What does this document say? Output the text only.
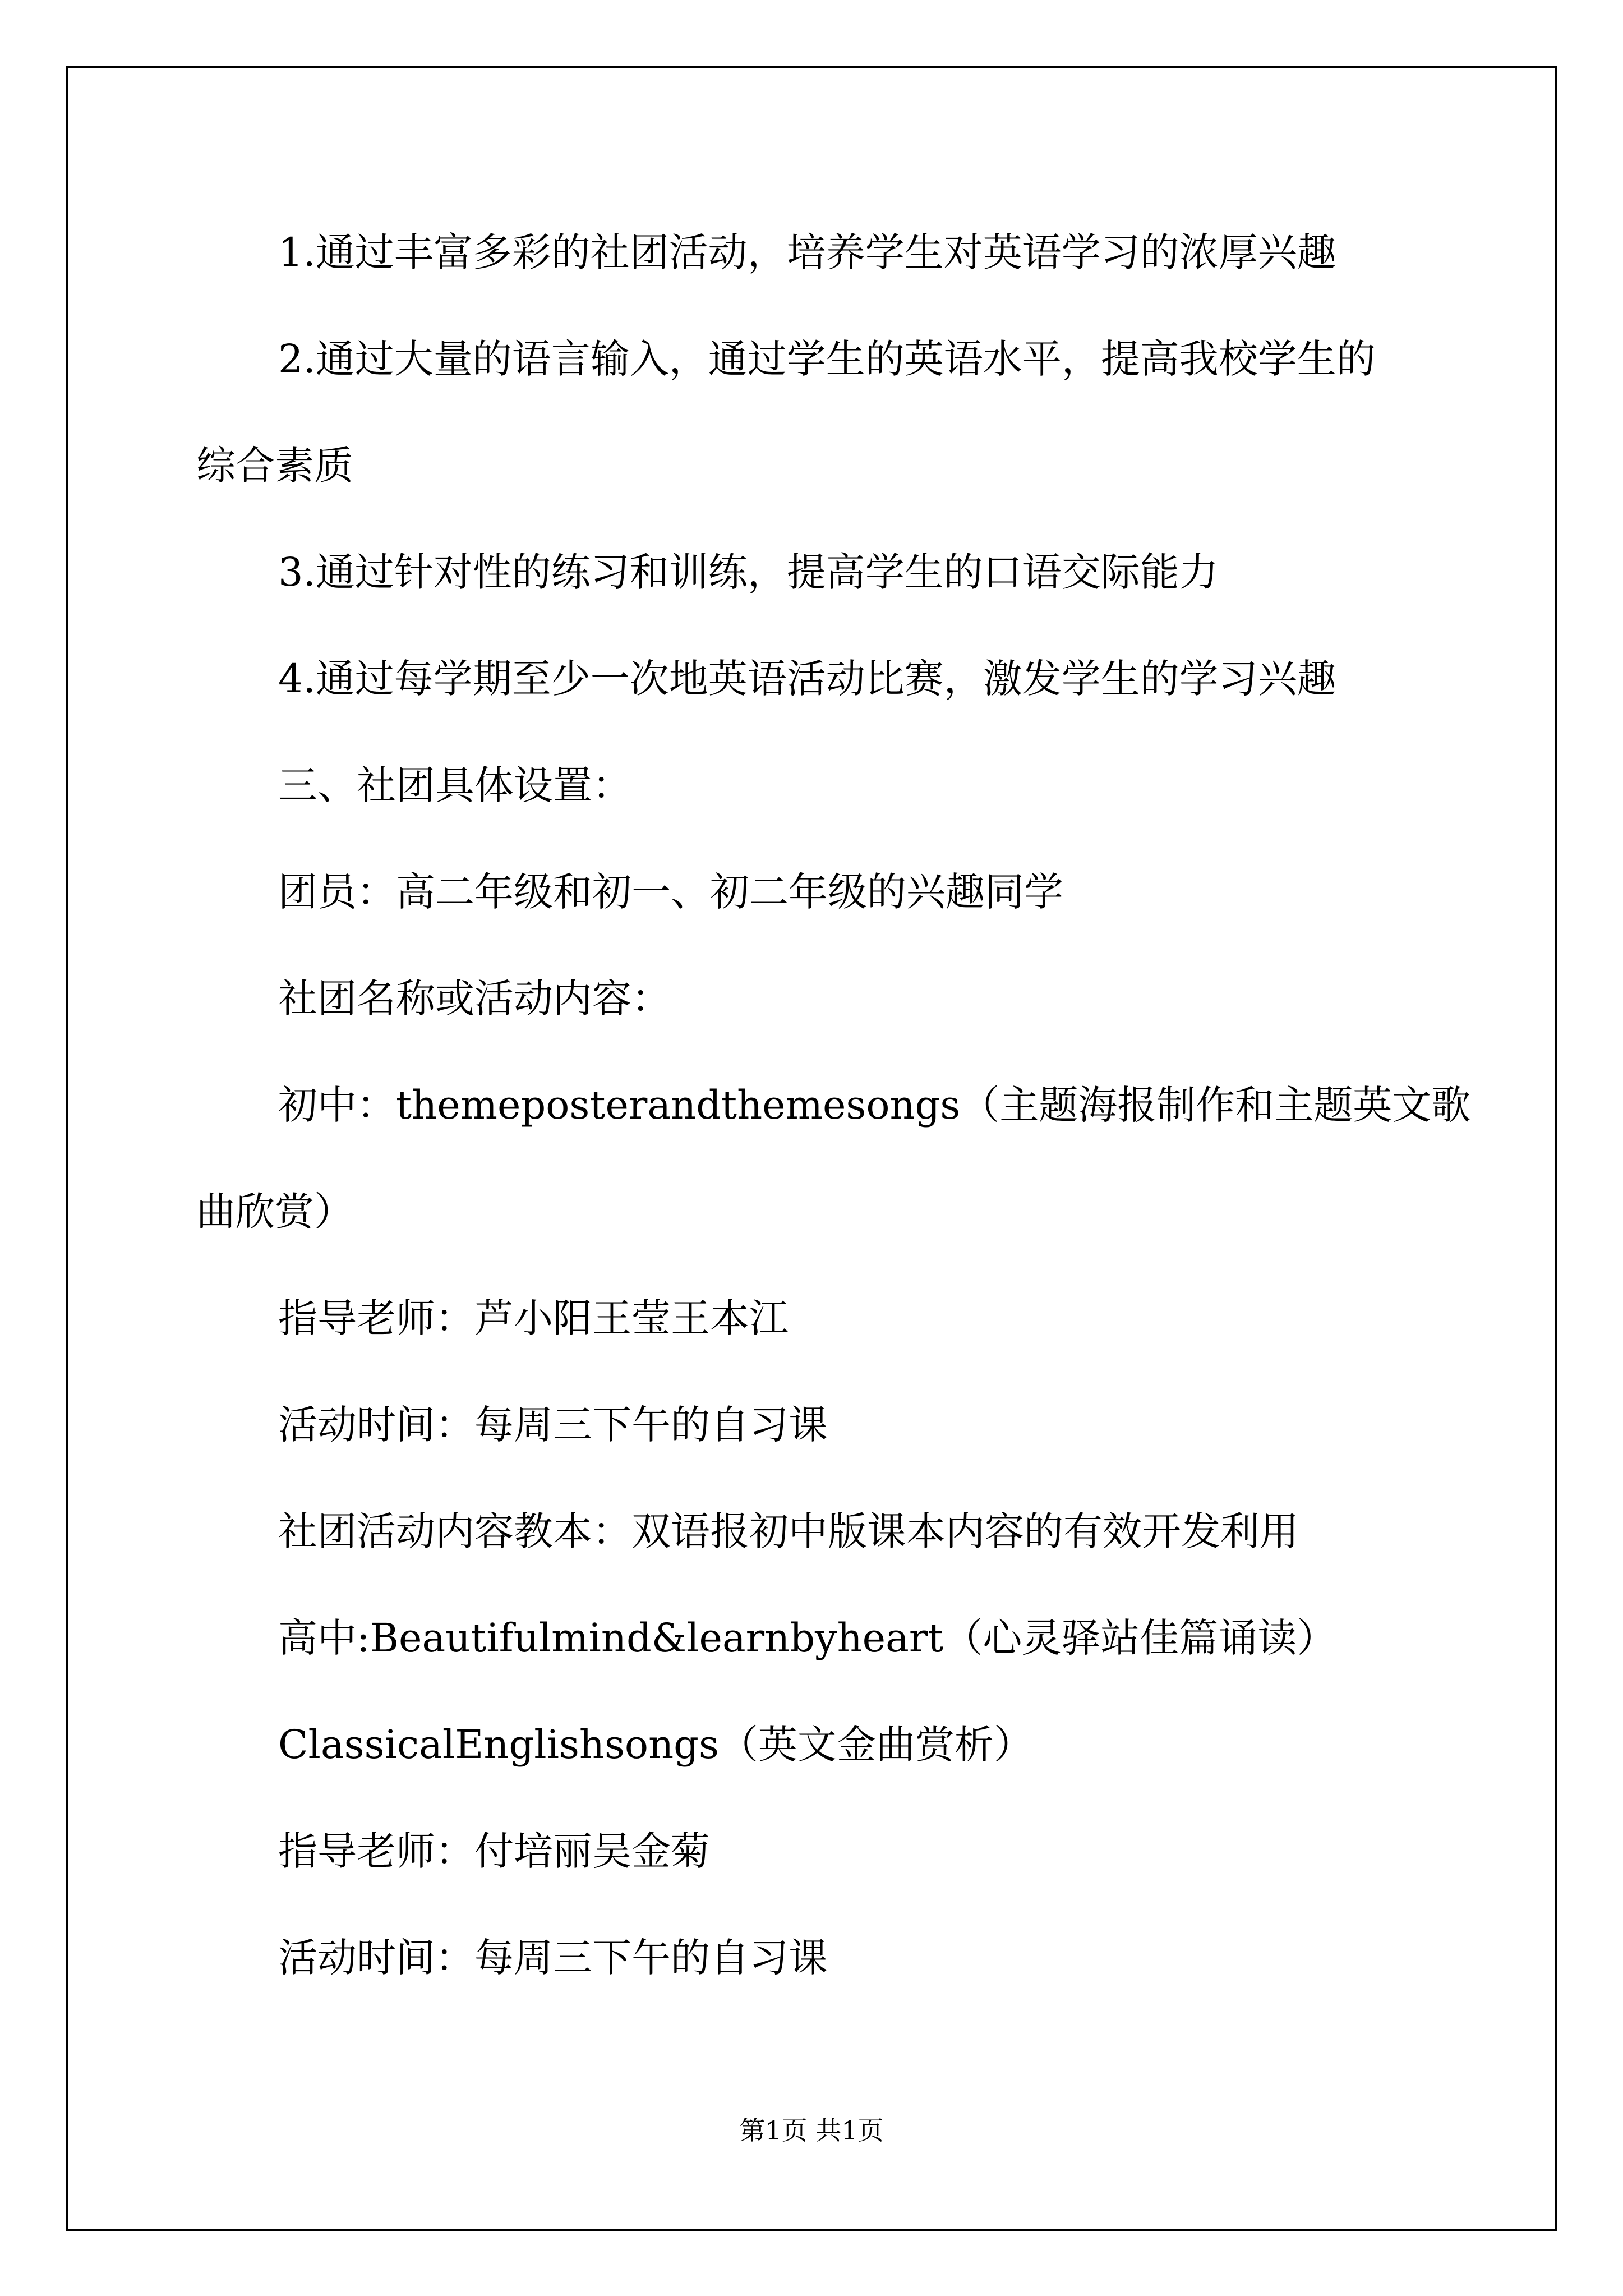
1.通过丰富多彩的社团活动，培养学生对英语学习的浓厚兴趣
2.通过大量的语言输入，通过学生的英语水平，提高我校学生的
综合素质
3.通过针对性的练习和训练，提高学生的口语交际能力
4.通过每学期至少一次地英语活动比赛，激发学生的学习兴趣
三、社团具体设置：
团员：高二年级和初一、初二年级的兴趣同学
社团名称或活动内容：
初中：themeposterandthemesongs（主题海报制作和主题英文歌
曲欣赏）
指导老师：芦小阳王莹王本江
活动时间：每周三下午的自习课
社团活动内容教本：双语报初中版课本内容的有效开发利用
高中:Beautifulmind&learnbyheart（心灵驿站佳篇诵读）
ClassicalEnglishsongs（英文金曲赏析）
指导老师：付培丽吴金菊
活动时间：每周三下午的自习课
第1页 共1页
